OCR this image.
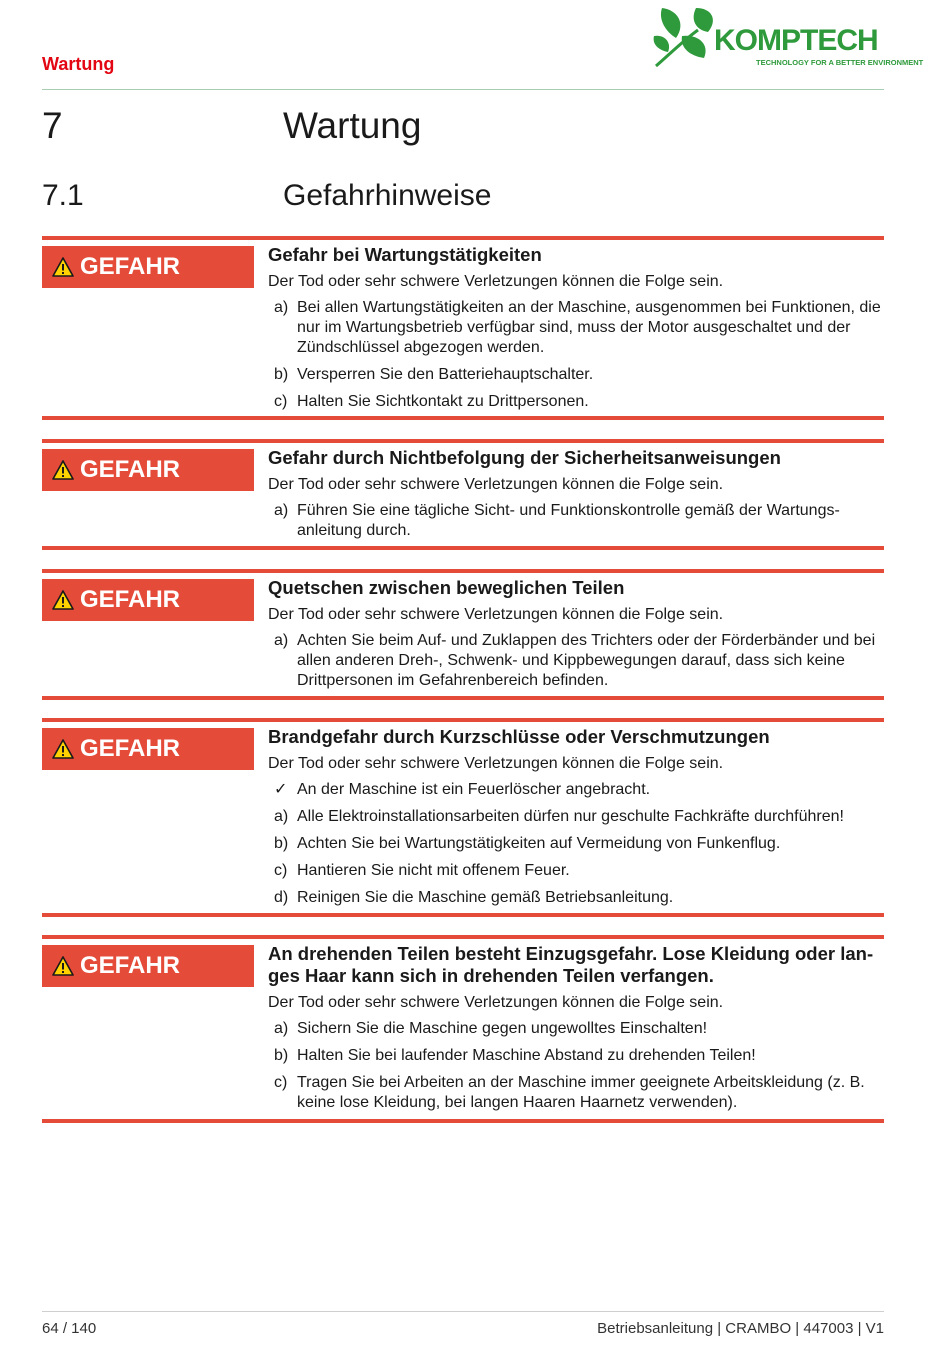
Wartung
KOMPTECH
TECHNOLOGY FOR A BETTER ENVIRONMENT
7	Wartung
7.1	Gefahrhinweise
GEFAHR	Gefahr bei Wartungstätigkeiten
Der Tod oder sehr schwere Verletzungen können die Folge sein.
a) Bei allen Wartungstätigkeiten an der Maschine, ausgenommen bei Funktionen, die nur im Wartungsbetrieb verfügbar sind, muss der Motor ausgeschaltet und der Zündschlüssel abgezogen werden.
b) Versperren Sie den Batteriehauptschalter.
c) Halten Sie Sichtkontakt zu Drittpersonen.
GEFAHR	Gefahr durch Nichtbefolgung der Sicherheitsanweisungen
Der Tod oder sehr schwere Verletzungen können die Folge sein.
a) Führen Sie eine tägliche Sicht- und Funktionskontrolle gemäß der Wartungsanleitung durch.
GEFAHR	Quetschen zwischen beweglichen Teilen
Der Tod oder sehr schwere Verletzungen können die Folge sein.
a) Achten Sie beim Auf- und Zuklappen des Trichters oder der Förderbänder und bei allen anderen Dreh-, Schwenk- und Kippbewegungen darauf, dass sich keine Drittpersonen im Gefahrenbereich befinden.
GEFAHR	Brandgefahr durch Kurzschlüsse oder Verschmutzungen
Der Tod oder sehr schwere Verletzungen können die Folge sein.
✓ An der Maschine ist ein Feuerlöscher angebracht.
a) Alle Elektroinstallationsarbeiten dürfen nur geschulte Fachkräfte durchführen!
b) Achten Sie bei Wartungstätigkeiten auf Vermeidung von Funkenflug.
c) Hantieren Sie nicht mit offenem Feuer.
d) Reinigen Sie die Maschine gemäß Betriebsanleitung.
GEFAHR	An drehenden Teilen besteht Einzugsgefahr. Lose Kleidung oder langes Haar kann sich in drehenden Teilen verfangen.
Der Tod oder sehr schwere Verletzungen können die Folge sein.
a) Sichern Sie die Maschine gegen ungewolltes Einschalten!
b) Halten Sie bei laufender Maschine Abstand zu drehenden Teilen!
c) Tragen Sie bei Arbeiten an der Maschine immer geeignete Arbeitskleidung (z. B. keine lose Kleidung, bei langen Haaren Haarnetz verwenden).
64 / 140	Betriebsanleitung | CRAMBO | 447003 | V1
